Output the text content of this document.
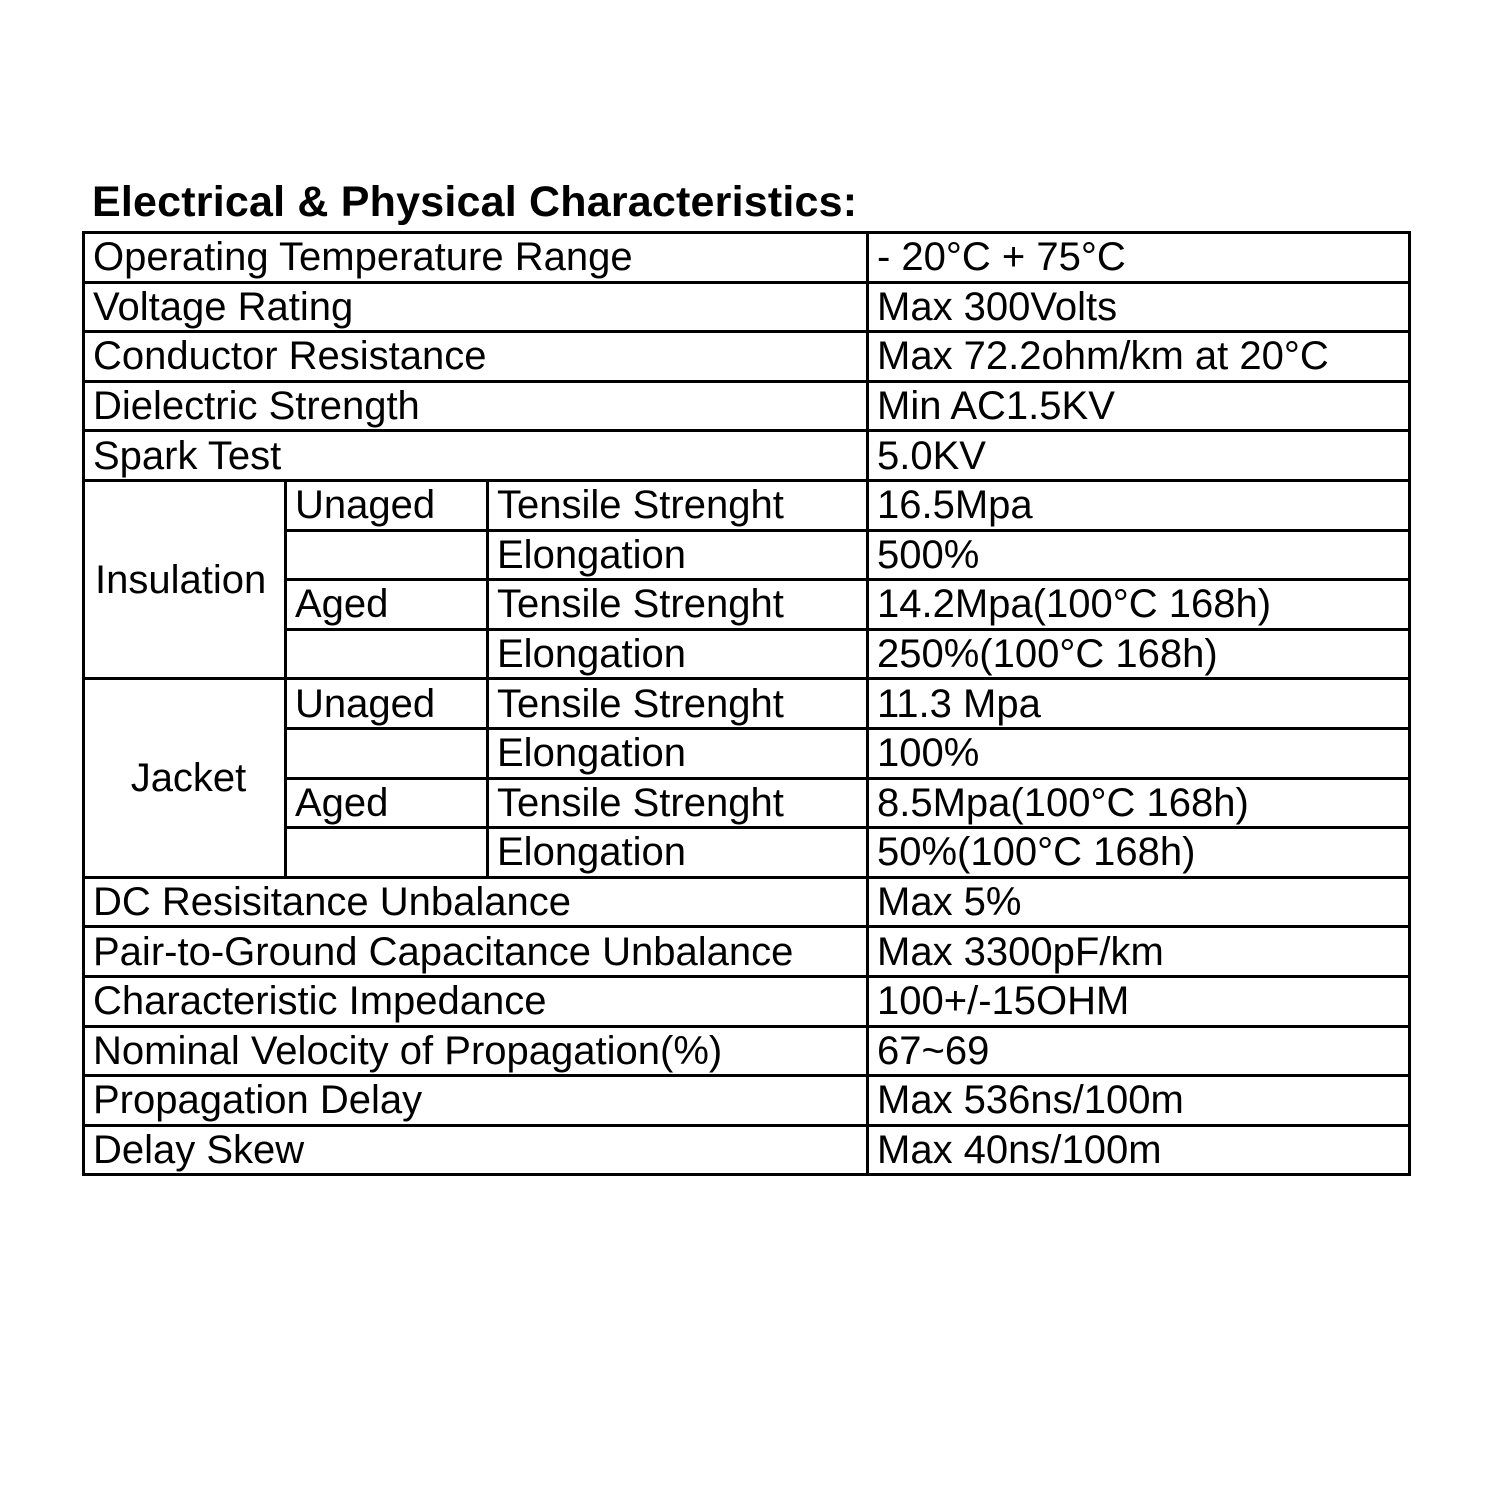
Electrical & Physical Characteristics:
Operating Temperature Range			- 20°C + 75°C
Voltage Rating			Max 300Volts
Conductor Resistance			Max 72.2ohm/km at 20°C
Dielectric Strength			Min AC1.5KV
Spark Test			5.0KV
Insulation	Unaged	Tensile Strenght	16.5Mpa
		Elongation	500%
	Aged	Tensile Strenght	14.2Mpa(100°C 168h)
		Elongation	250%(100°C 168h)
Jacket	Unaged	Tensile Strenght	11.3 Mpa
		Elongation	100%
	Aged	Tensile Strenght	8.5Mpa(100°C 168h)
		Elongation	50%(100°C 168h)
DC Resisitance Unbalance			Max 5%
Pair-to-Ground Capacitance Unbalance			Max 3300pF/km
Characteristic Impedance			100+/-15OHM
Nominal Velocity of Propagation(%)			67~69
Propagation Delay			Max 536ns/100m
Delay Skew			Max 40ns/100m
